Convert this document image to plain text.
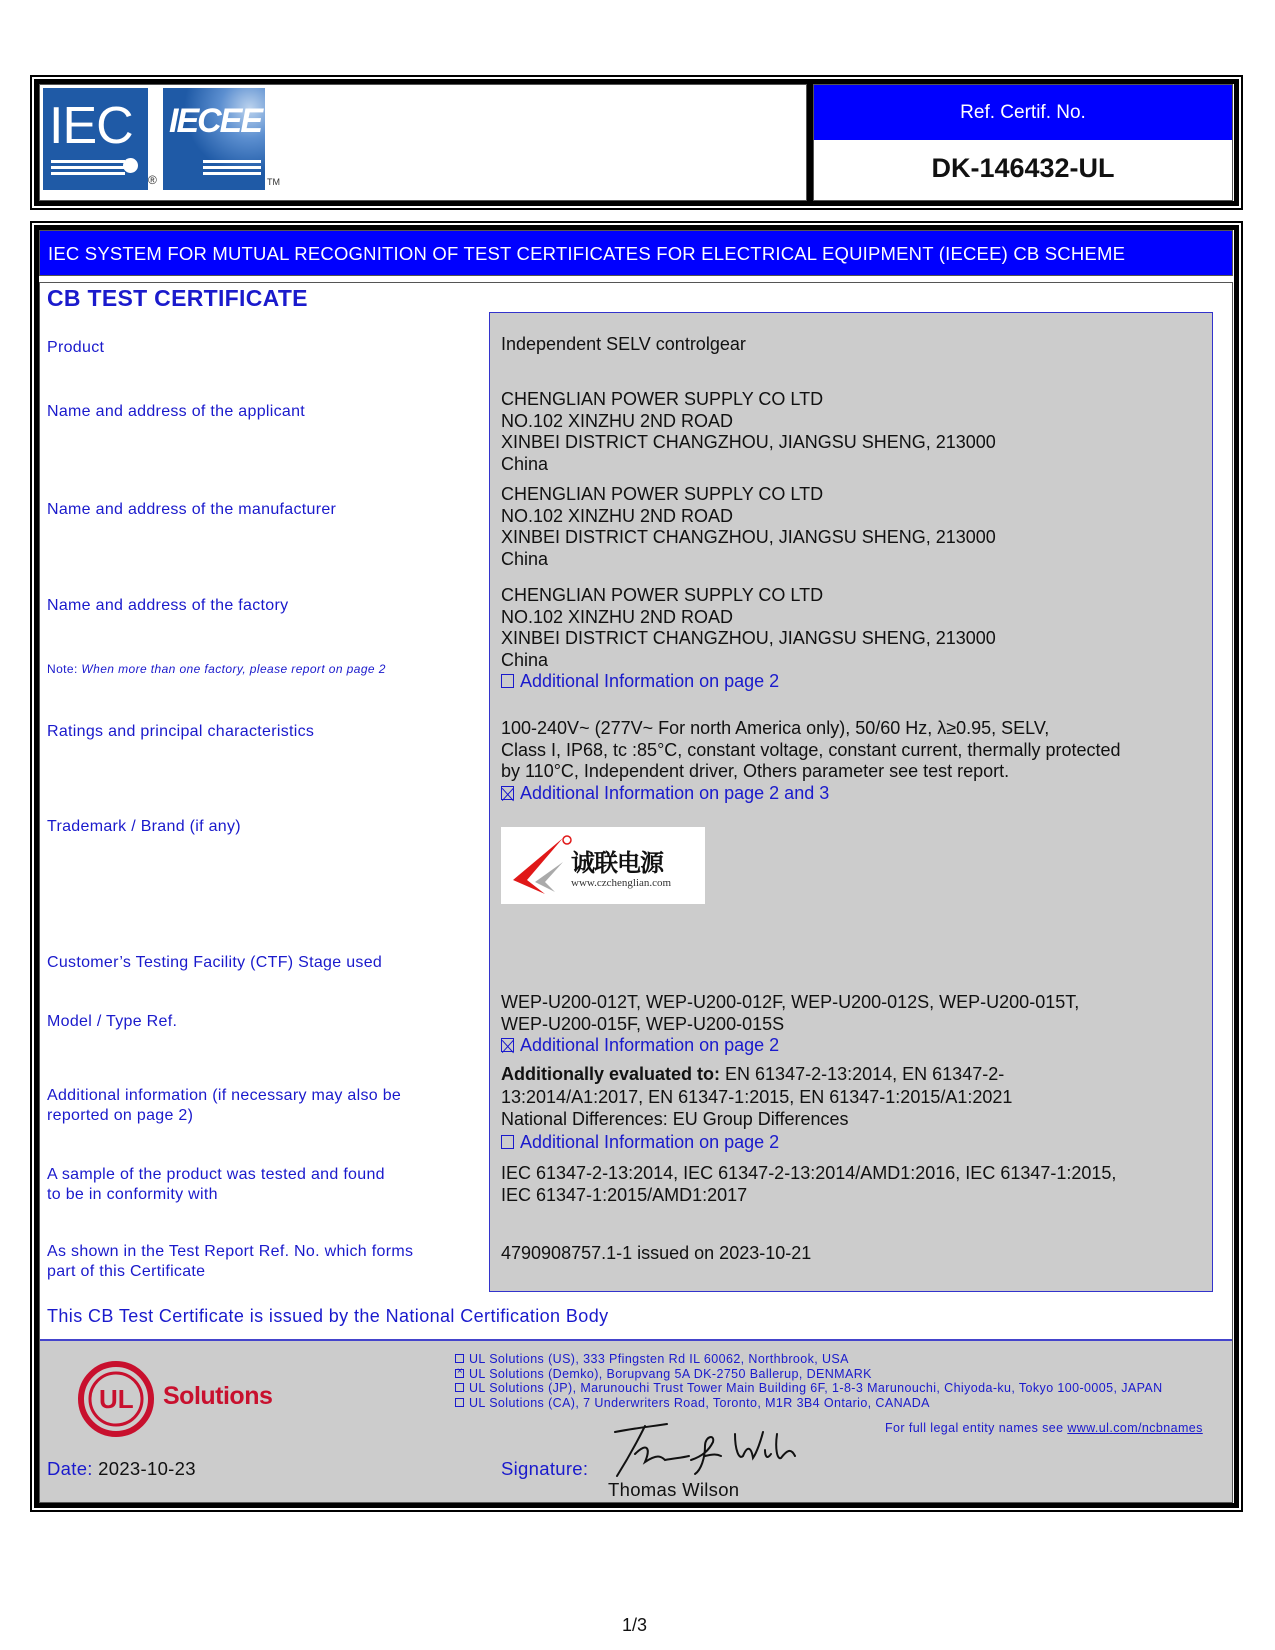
IEC
®
IECEE
TM
Ref. Certif. No.
DK-146432-UL
IEC SYSTEM FOR MUTUAL RECOGNITION OF TEST CERTIFICATES FOR ELECTRICAL EQUIPMENT (IECEE) CB SCHEME
CB TEST CERTIFICATE
Product
Name and address of the applicant
Name and address of the manufacturer
Name and address of the factory
Note: When more than one factory, please report on page 2
Ratings and principal characteristics
Trademark / Brand (if any)
Customer’s Testing Facility (CTF) Stage used
Model / Type Ref.
Additional information (if necessary may also be
reported on page 2)
A sample of the product was tested and found
to be in conformity with
As shown in the Test Report Ref. No. which forms
part of this Certificate
Independent SELV controlgear
CHENGLIAN POWER SUPPLY CO LTD
NO.102 XINZHU 2ND ROAD
XINBEI DISTRICT CHANGZHOU, JIANGSU SHENG, 213000
China
CHENGLIAN POWER SUPPLY CO LTD
NO.102 XINZHU 2ND ROAD
XINBEI DISTRICT CHANGZHOU, JIANGSU SHENG, 213000
China
CHENGLIAN POWER SUPPLY CO LTD
NO.102 XINZHU 2ND ROAD
XINBEI DISTRICT CHANGZHOU, JIANGSU SHENG, 213000
China
Additional Information on page 2
100-240V~ (277V~ For north America only), 50/60 Hz, λ≥0.95, SELV,
Class I, IP68, tc :85°C, constant voltage, constant current, thermally protected
by 110°C, Independent driver, Others parameter see test report.
Additional Information on page 2 and 3
诚联电源
www.czchenglian.com
WEP-U200-012T, WEP-U200-012F, WEP-U200-012S, WEP-U200-015T,
WEP-U200-015F, WEP-U200-015S
Additional Information on page 2
Additionally evaluated to: EN 61347-2-13:2014, EN 61347-2-
13:2014/A1:2017, EN 61347-1:2015, EN 61347-1:2015/A1:2021
National Differences: EU Group Differences
Additional Information on page 2
IEC 61347-2-13:2014, IEC 61347-2-13:2014/AMD1:2016, IEC 61347-1:2015,
IEC 61347-1:2015/AMD1:2017
4790908757.1-1 issued on 2023-10-21
This CB Test Certificate is issued by the National Certification Body
UL Solutions
UL Solutions (US), 333 Pfingsten Rd IL 60062, Northbrook, USA
×UL Solutions (Demko), Borupvang 5A DK-2750 Ballerup, DENMARK
UL Solutions (JP), Marunouchi Trust Tower Main Building 6F, 1-8-3 Marunouchi, Chiyoda-ku, Tokyo 100-0005, JAPAN
UL Solutions (CA), 7 Underwriters Road, Toronto, M1R 3B4 Ontario, CANADA
For full legal entity names see www.ul.com/ncbnames
Date: 2023-10-23	Signature:
Thomas Wilson
1/3
